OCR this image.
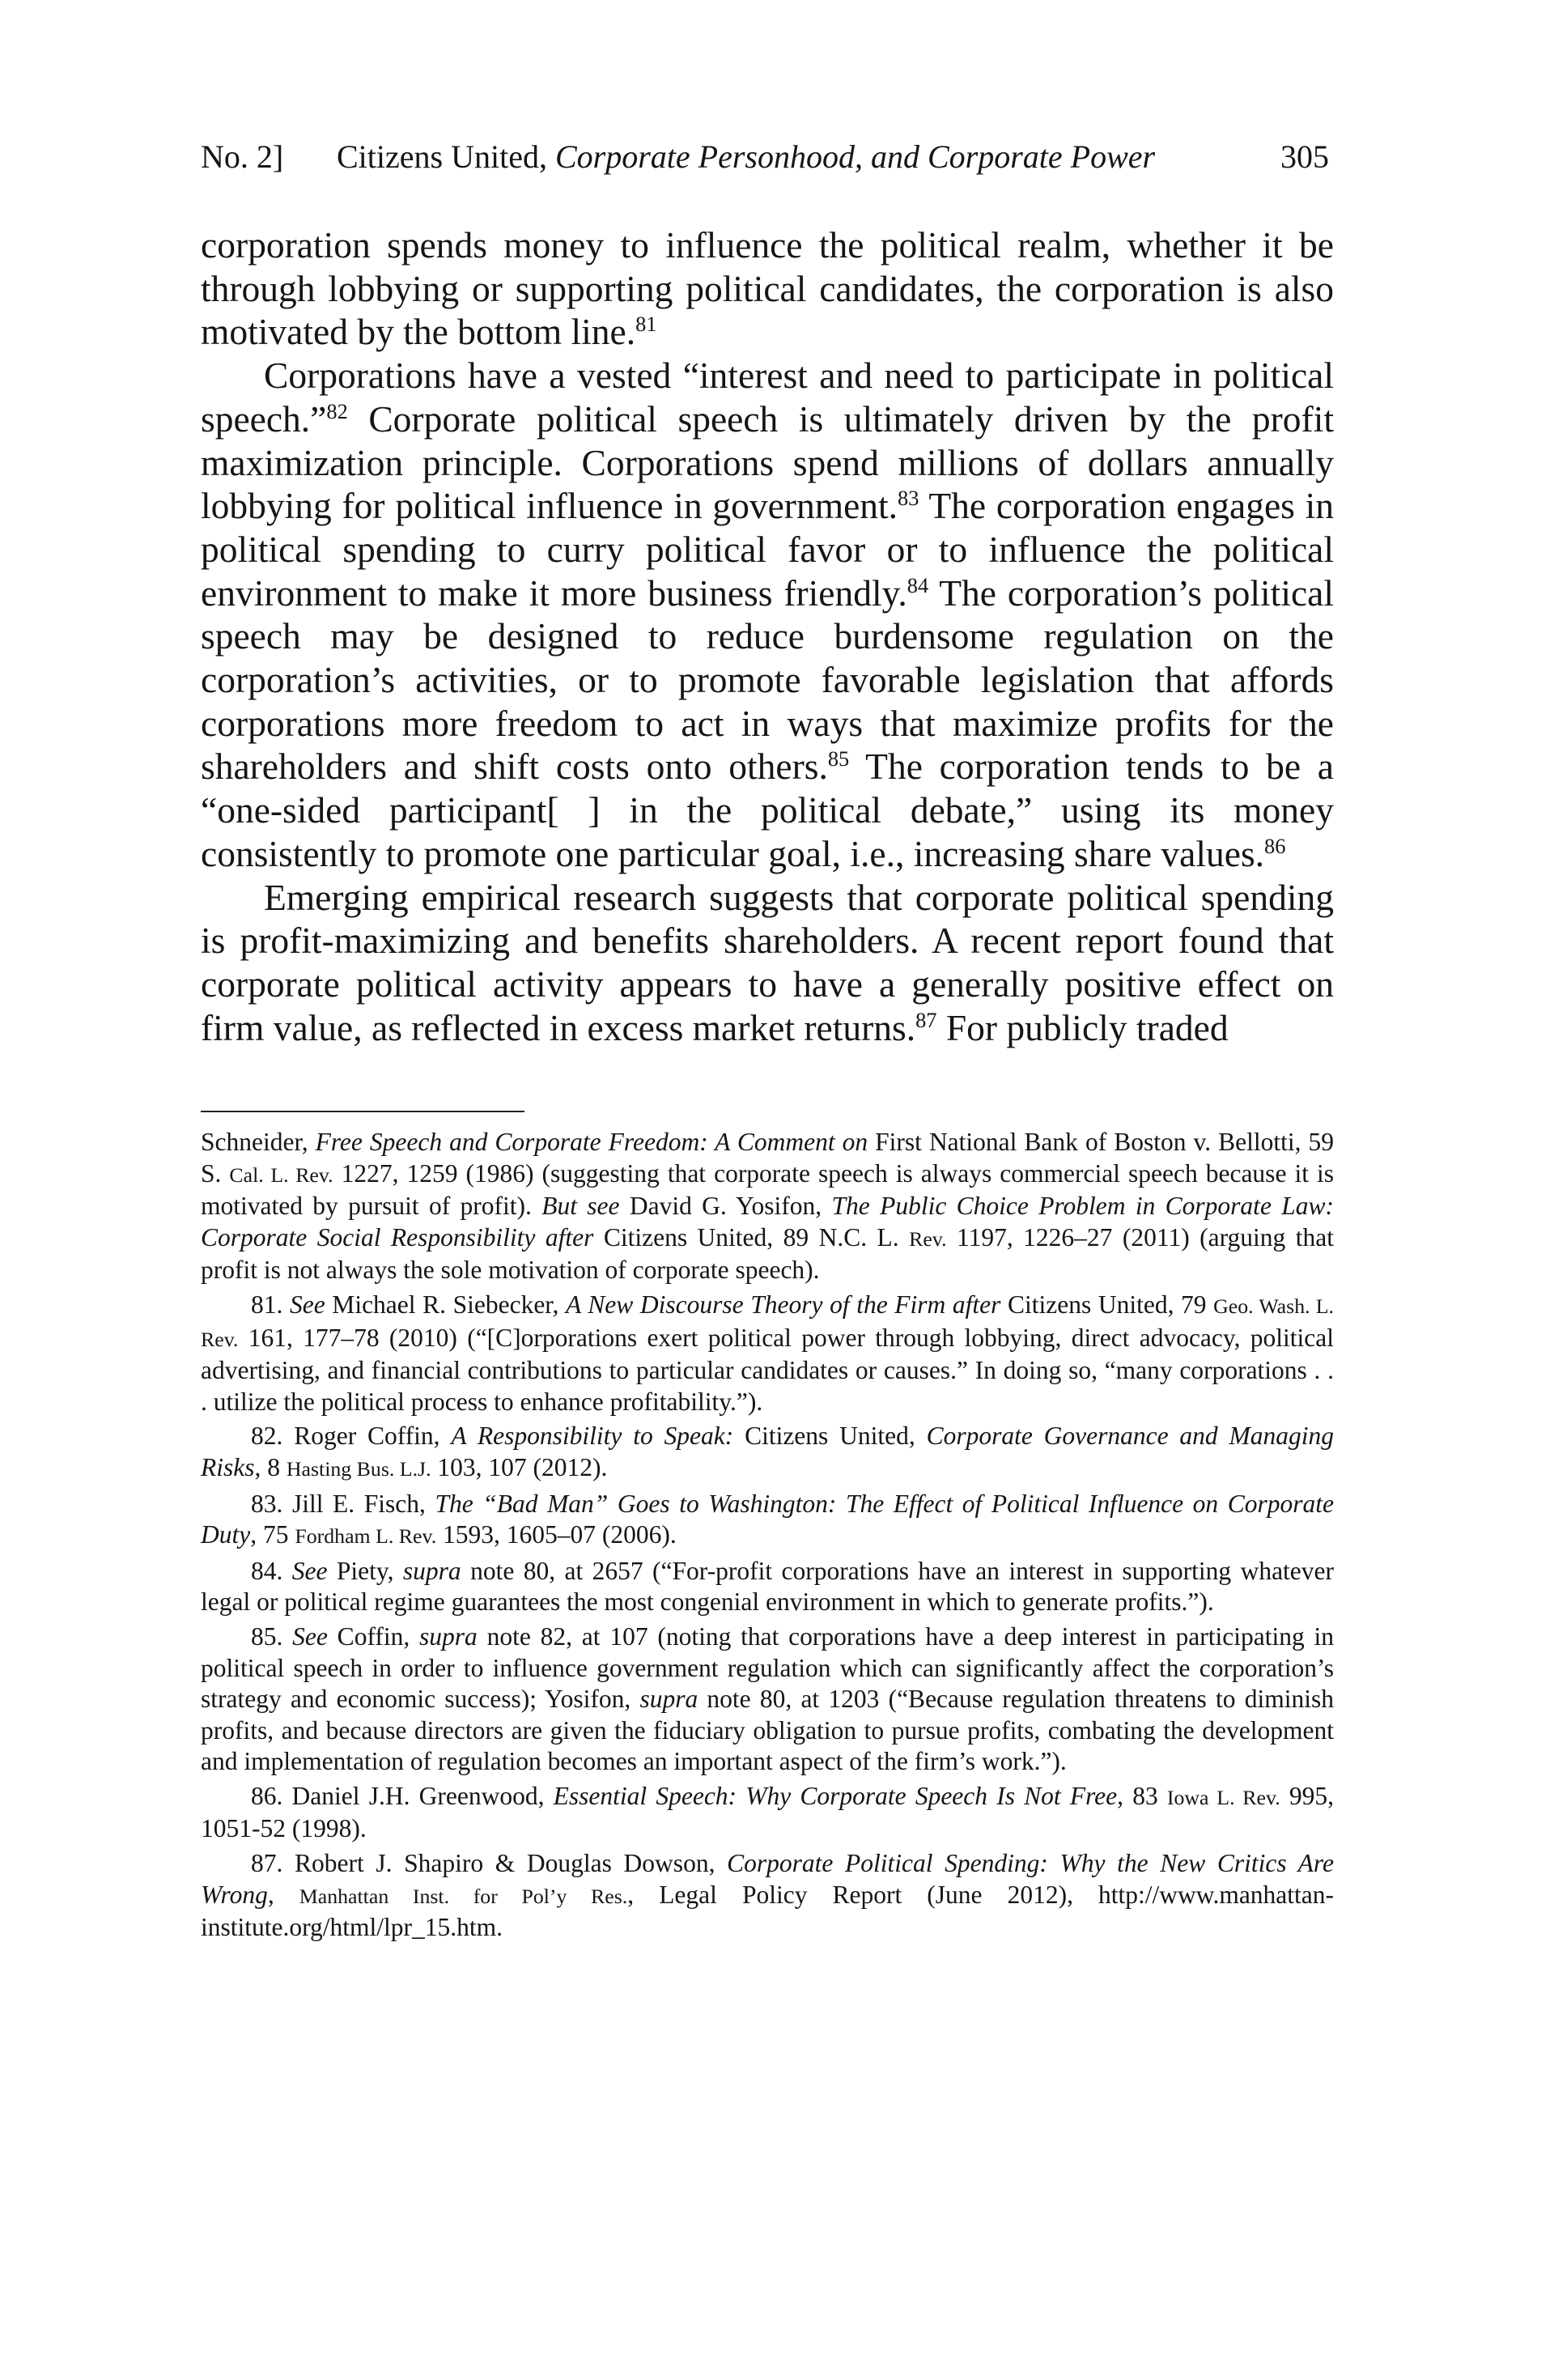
No. 2] Citizens United, Corporate Personhood, and Corporate Power	305

corporation spends money to influence the political realm, whether it be through lobbying or supporting political candidates, the corporation is also motivated by the bottom line.$^{81}$

Corporations have a vested “interest and need to participate in political speech.”$^{82}$ Corporate political speech is ultimately driven by the profit maximization principle. Corporations spend millions of dollars annually lobbying for political influence in government.$^{83}$ The corporation engages in political spending to curry political favor or to influence the political environment to make it more business friendly.$^{84}$ The corporation’s political speech may be designed to reduce burdensome regulation on the corporation’s activities, or to promote favorable legislation that affords corporations more freedom to act in ways that maximize profits for the shareholders and shift costs onto others.$^{85}$ The corporation tends to be a “one-sided participant[ ] in the political debate,” using its money consistently to promote one particular goal, i.e., increasing share values.$^{86}$

Emerging empirical research suggests that corporate political spending is profit-maximizing and benefits shareholders. A recent report found that corporate political activity appears to have a generally positive effect on firm value, as reflected in excess market returns.$^{87}$ For publicly traded

Schneider, Free Speech and Corporate Freedom: A Comment on First National Bank of Boston v. Bellotti, 59 S. Cal. L. Rev. 1227, 1259 (1986) (suggesting that corporate speech is always commercial speech because it is motivated by pursuit of profit). But see David G. Yosifon, The Public Choice Problem in Corporate Law: Corporate Social Responsibility after Citizens United, 89 N.C. L. Rev. 1197, 1226–27 (2011) (arguing that profit is not always the sole motivation of corporate speech).

81. See Michael R. Siebecker, A New Discourse Theory of the Firm after Citizens United, 79 Geo. Wash. L. Rev. 161, 177–78 (2010) (“[C]orporations exert political power through lobbying, direct advocacy, political advertising, and financial contributions to particular candidates or causes.” In doing so, “many corporations . . . utilize the political process to enhance profitability.”).

82. Roger Coffin, A Responsibility to Speak: Citizens United, Corporate Governance and Managing Risks, 8 Hasting Bus. L.J. 103, 107 (2012).

83. Jill E. Fisch, The “Bad Man” Goes to Washington: The Effect of Political Influence on Corporate Duty, 75 Fordham L. Rev. 1593, 1605–07 (2006).

84. See Piety, supra note 80, at 2657 (“For-profit corporations have an interest in supporting whatever legal or political regime guarantees the most congenial environment in which to generate profits.”).

85. See Coffin, supra note 82, at 107 (noting that corporations have a deep interest in participating in political speech in order to influence government regulation which can significantly affect the corporation’s strategy and economic success); Yosifon, supra note 80, at 1203 (“Because regulation threatens to diminish profits, and because directors are given the fiduciary obligation to pursue profits, combating the development and implementation of regulation becomes an important aspect of the firm’s work.”).

86. Daniel J.H. Greenwood, Essential Speech: Why Corporate Speech Is Not Free, 83 Iowa L. Rev. 995, 1051-52 (1998).

87. Robert J. Shapiro & Douglas Dowson, Corporate Political Spending: Why the New Critics Are Wrong, Manhattan Inst. for Pol’y Res., Legal Policy Report (June 2012), http://www.manhattan-institute.org/html/lpr_15.htm.
